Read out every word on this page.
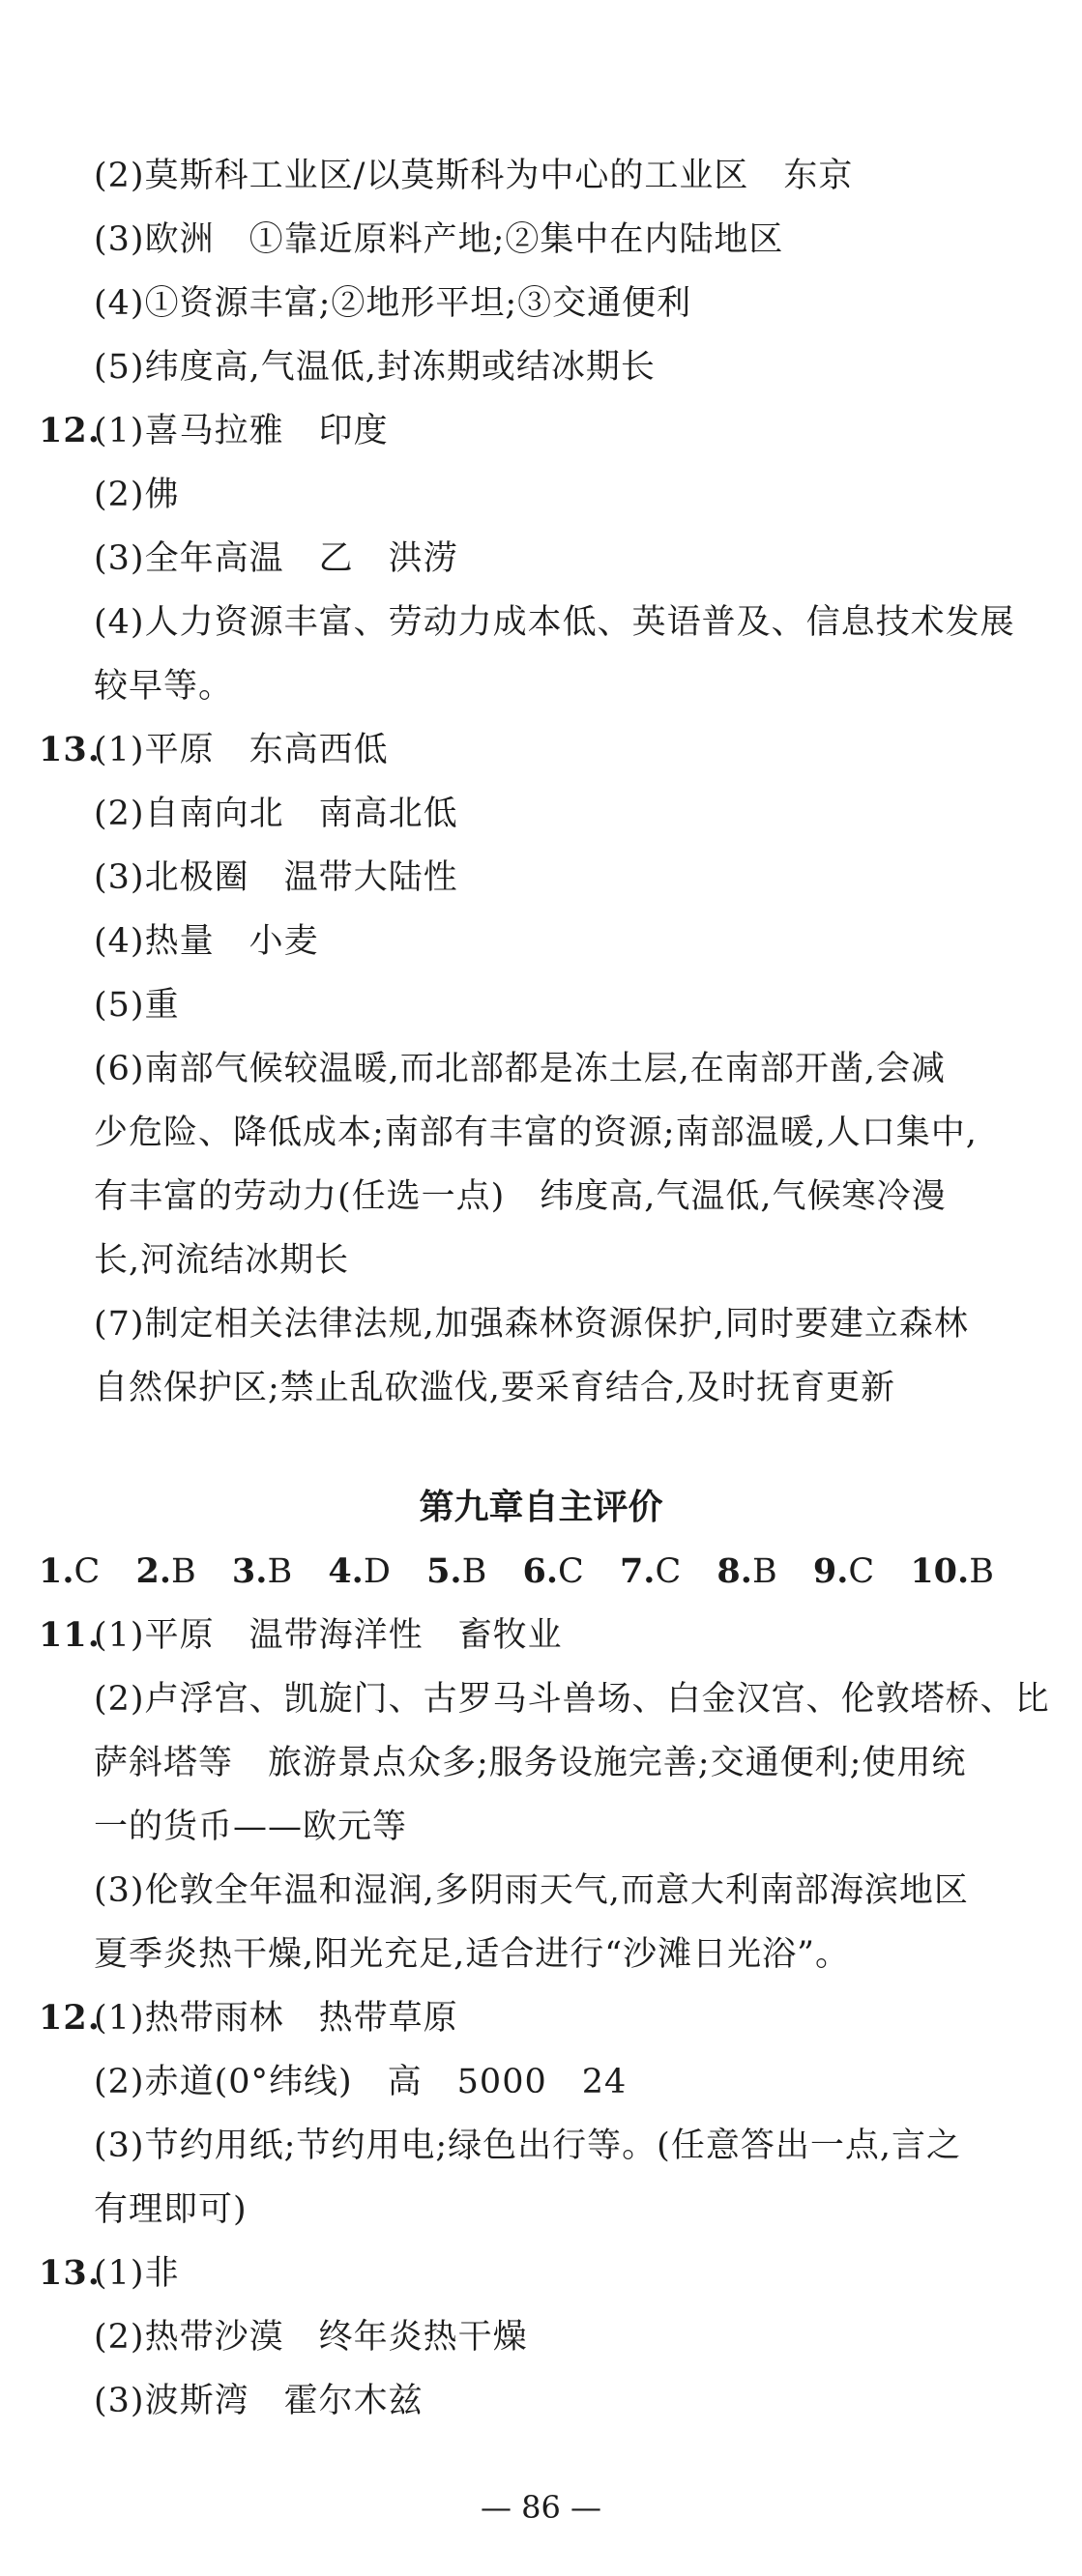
(2)莫斯科工业区/以莫斯科为中心的工业区　东京
(3)欧洲　①靠近原料产地;②集中在内陆地区
(4)①资源丰富;②地形平坦;③交通便利
(5)纬度高,气温低,封冻期或结冰期长
12.
(1)喜马拉雅　印度
(2)佛
(3)全年高温　乙　洪涝
(4)人力资源丰富、劳动力成本低、英语普及、信息技术发展
较早等。
13.
(1)平原　东高西低
(2)自南向北　南高北低
(3)北极圈　温带大陆性
(4)热量　小麦
(5)重
(6)南部气候较温暖,而北部都是冻土层,在南部开凿,会减
少危险、降低成本;南部有丰富的资源;南部温暖,人口集中,
有丰富的劳动力(任选一点)　纬度高,气温低,气候寒冷漫
长,河流结冰期长
(7)制定相关法律法规,加强森林资源保护,同时要建立森林
自然保护区;禁止乱砍滥伐,要采育结合,及时抚育更新
第九章自主评价
1.C 2.B 3.B 4.D 5.B 6.C 7.C 8.B 9.C 10.B
11.
(1)平原　温带海洋性　畜牧业
(2)卢浮宫、凯旋门、古罗马斗兽场、白金汉宫、伦敦塔桥、比
萨斜塔等　旅游景点众多;服务设施完善;交通便利;使用统
一的货币——欧元等
(3)伦敦全年温和湿润,多阴雨天气,而意大利南部海滨地区
夏季炎热干燥,阳光充足,适合进行“沙滩日光浴”。
12.
(1)热带雨林　热带草原
(2)赤道(0°纬线)　高　5000　24
(3)节约用纸;节约用电;绿色出行等。(任意答出一点,言之
有理即可)
13.
(1)非
(2)热带沙漠　终年炎热干燥
(3)波斯湾　霍尔木兹
— 86 —
